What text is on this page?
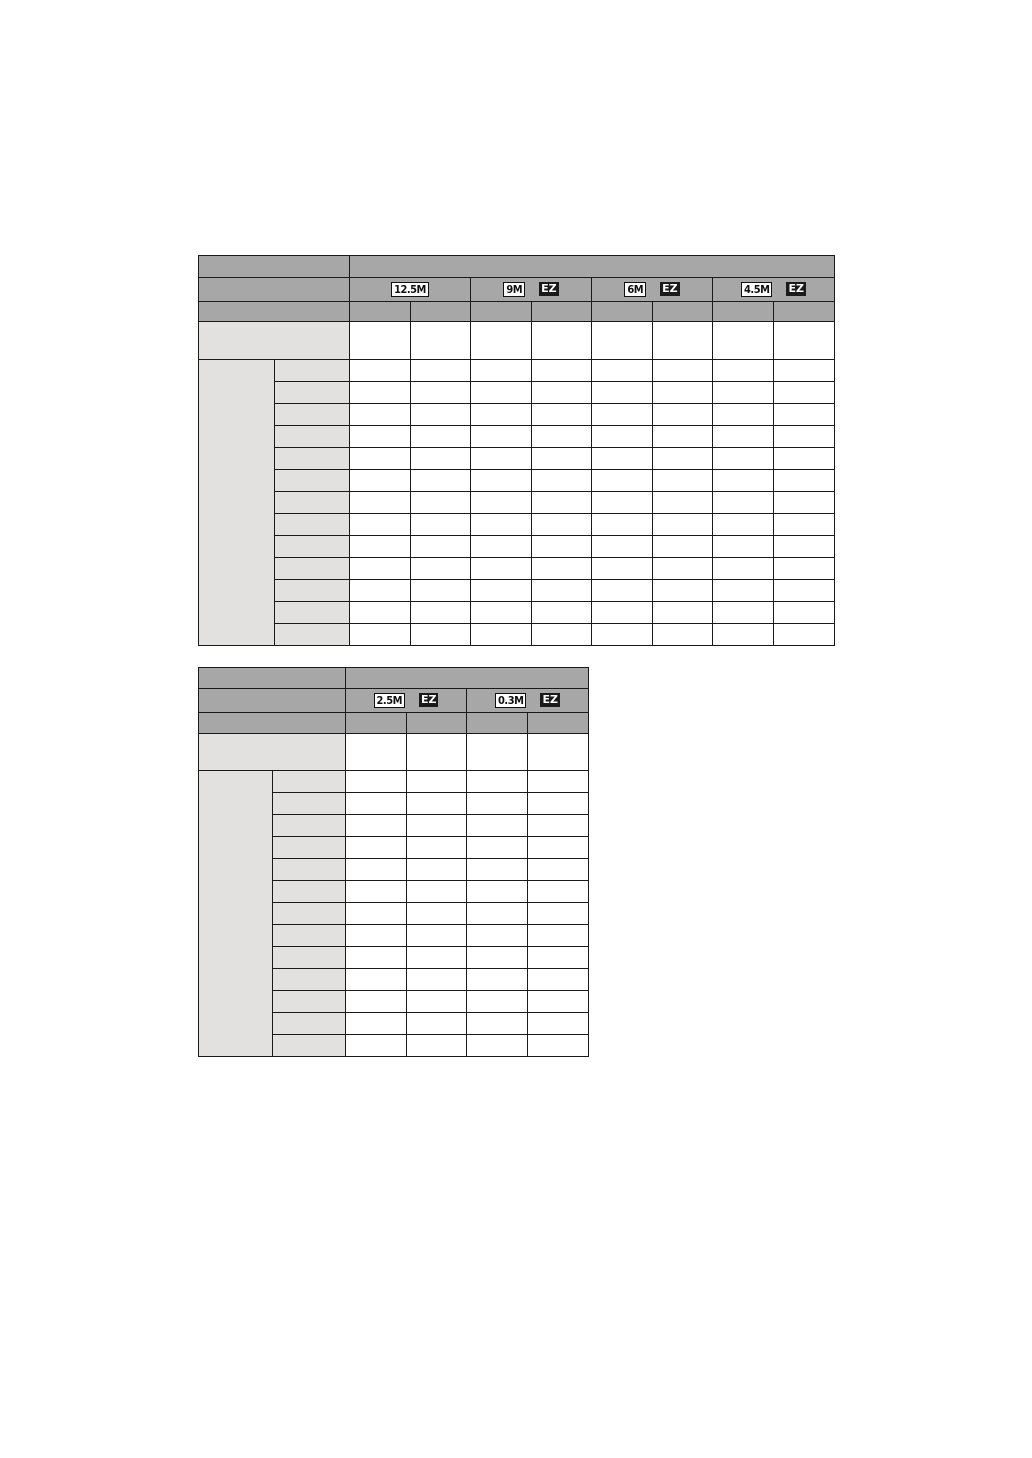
		12.5M		9M EZ		6M EZ		4.5M EZ	

		2.5M EZ		0.3M EZ	
